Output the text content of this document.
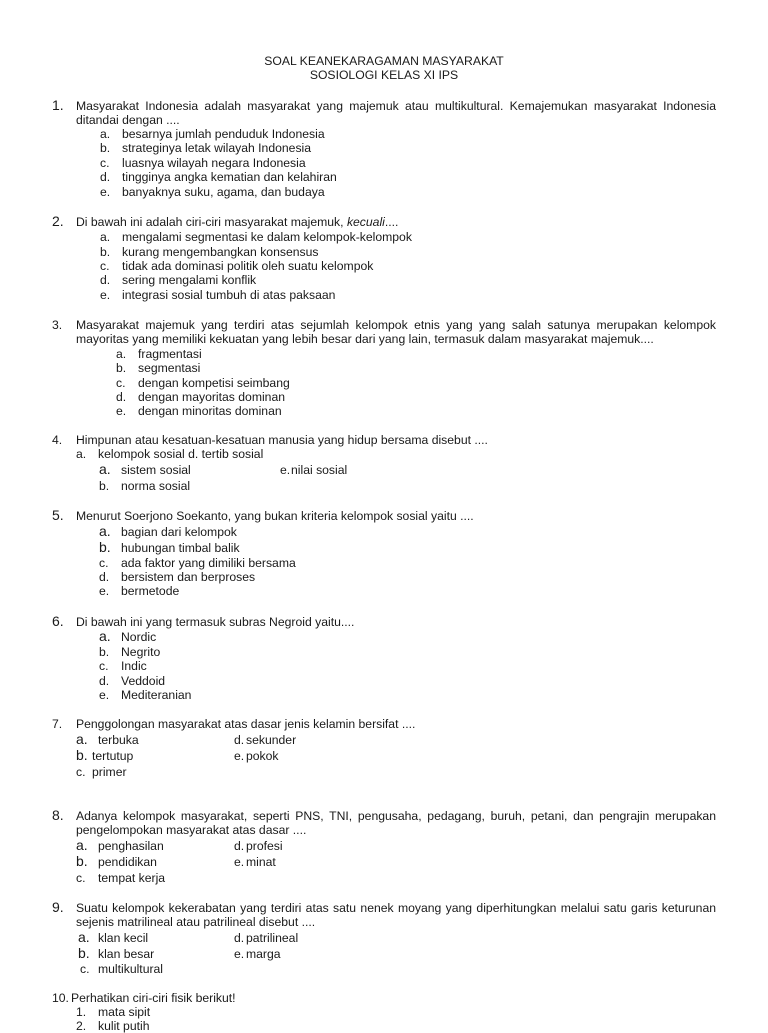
SOAL KEANEKARAGAMAN MASYARAKAT
SOSIOLOGI KELAS XI IPS
1. Masyarakat Indonesia adalah masyarakat yang majemuk atau multikultural. Kemajemukan masyarakat Indonesia ditandai dengan ....
a. besarnya jumlah penduduk Indonesia
b. strateginya letak wilayah Indonesia
c. luasnya wilayah negara Indonesia
d. tingginya angka kematian dan kelahiran
e. banyaknya suku, agama, dan budaya
2. Di bawah ini adalah ciri-ciri masyarakat majemuk, kecuali....
a. mengalami segmentasi ke dalam kelompok-kelompok
b. kurang mengembangkan konsensus
c. tidak ada dominasi politik oleh suatu kelompok
d. sering mengalami konflik
e. integrasi sosial tumbuh di atas paksaan
3. Masyarakat majemuk yang terdiri atas sejumlah kelompok etnis yang yang salah satunya merupakan kelompok mayoritas yang memiliki kekuatan yang lebih besar dari yang lain, termasuk dalam masyarakat majemuk....
a. fragmentasi
b. segmentasi
c. dengan kompetisi seimbang
d. dengan mayoritas dominan
e. dengan minoritas dominan
4. Himpunan atau kesatuan-kesatuan manusia yang hidup bersama disebut ....
a. kelompok sosial d. tertib sosial
a. sistem sosial	e. nilai sosial
b. norma sosial
5. Menurut Soerjono Soekanto, yang bukan kriteria kelompok sosial yaitu ....
a. bagian dari kelompok
b. hubungan timbal balik
c. ada faktor yang dimiliki bersama
d. bersistem dan berproses
e. bermetode
6. Di bawah ini yang termasuk subras Negroid yaitu....
a. Nordic
b. Negrito
c. Indic
d. Veddoid
e. Mediteranian
7. Penggolongan masyarakat atas dasar jenis kelamin bersifat ....
a. terbuka	d. sekunder
b. tertutup	e. pokok
c. primer
8. Adanya kelompok masyarakat, seperti PNS, TNI, pengusaha, pedagang, buruh, petani, dan pengrajin merupakan pengelompokan masyarakat atas dasar ....
a. penghasilan	d. profesi
b. pendidikan	e. minat
c. tempat kerja
9. Suatu kelompok kekerabatan yang terdiri atas satu nenek moyang yang diperhitungkan melalui satu garis keturunan sejenis matrilineal atau patrilineal disebut ....
a. klan kecil	d. patrilineal
b. klan besar	e. marga
c. multikultural
10. Perhatikan ciri-ciri fisik berikut!
1. mata sipit
2. kulit putih
